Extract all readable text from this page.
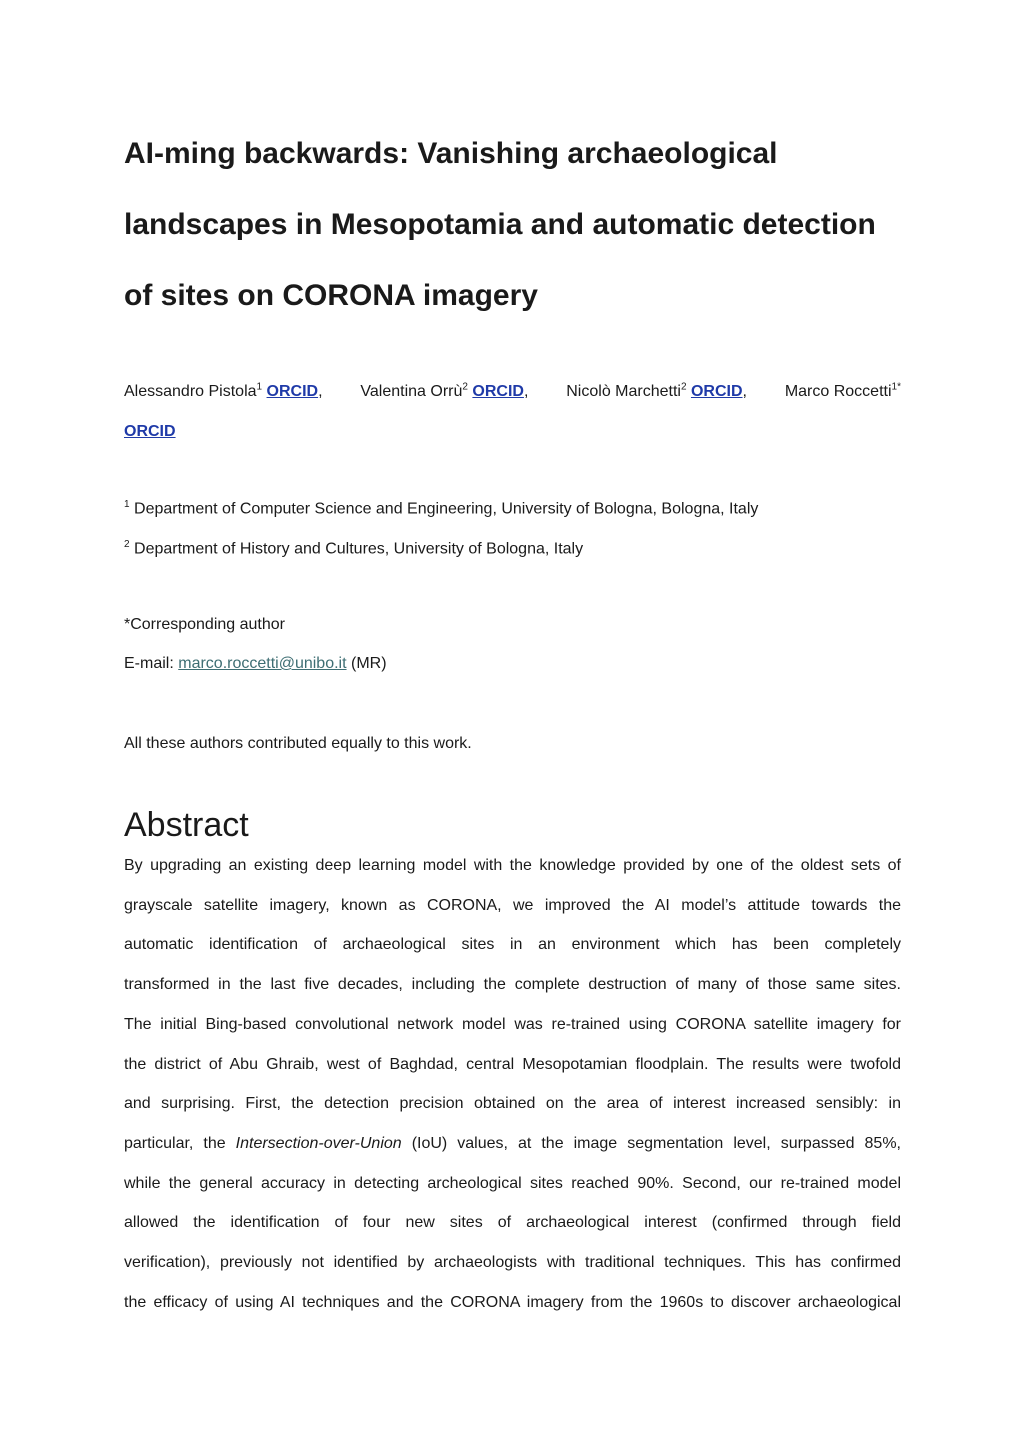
AI-ming backwards: Vanishing archaeological
landscapes in Mesopotamia and automatic detection
of sites on CORONA imagery
Alessandro Pistola$^1$ ORCID, Valentina Orrù$^2$ ORCID, Nicolò Marchetti$^2$ ORCID, Marco Roccetti$^{1*}$
ORCID

$^1$ Department of Computer Science and Engineering, University of Bologna, Bologna, Italy

$^2$ Department of History and Cultures, University of Bologna, Italy

*Corresponding author

E-mail: marco.roccetti@unibo.it (MR)

All these authors contributed equally to this work.

Abstract
By upgrading an existing deep learning model with the knowledge provided by one of the oldest sets of
grayscale satellite imagery, known as CORONA, we improved the AI model’s attitude towards the
automatic identification of archaeological sites in an environment which has been completely
transformed in the last five decades, including the complete destruction of many of those same sites.
The initial Bing-based convolutional network model was re-trained using CORONA satellite imagery for
the district of Abu Ghraib, west of Baghdad, central Mesopotamian floodplain. The results were twofold
and surprising. First, the detection precision obtained on the area of interest increased sensibly: in
particular, the Intersection-over-Union (IoU) values, at the image segmentation level, surpassed 85%,
while the general accuracy in detecting archeological sites reached 90%. Second, our re-trained model
allowed the identification of four new sites of archaeological interest (confirmed through field
verification), previously not identified by archaeologists with traditional techniques. This has confirmed
the efficacy of using AI techniques and the CORONA imagery from the 1960s to discover archaeological
